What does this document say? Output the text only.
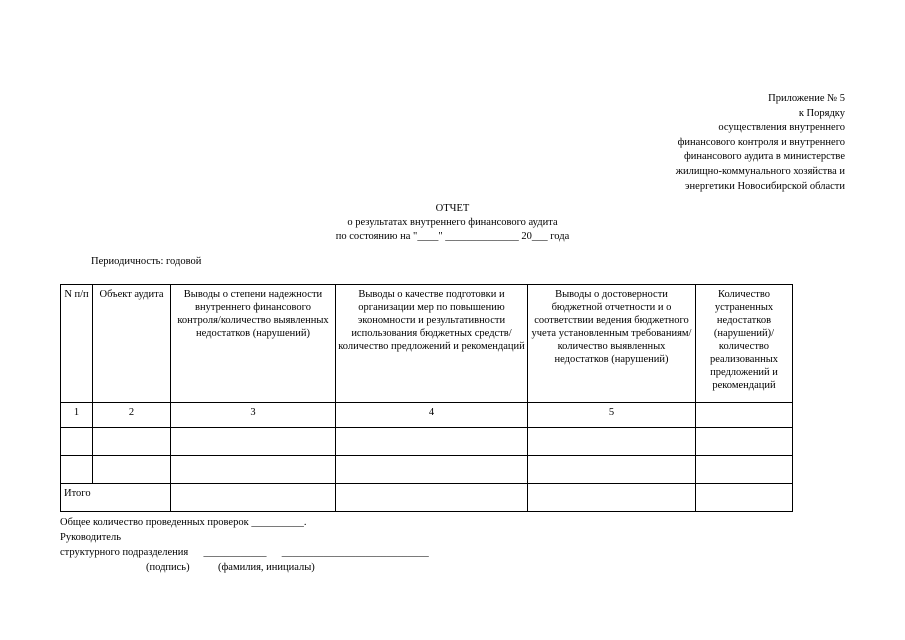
Приложение № 5
к Порядку
осуществления внутреннего
финансового контроля и внутреннего
финансового аудита в министерстве
жилищно-коммунального хозяйства и
энергетики Новосибирской области
ОТЧЕТ
о результатах внутреннего финансового аудита
по состоянию на "____" ______________ 20___ года
Периодичность: годовой
N п/п	Объект аудита	Выводы о степени надежности внутреннего финансового контроля/количество выявленных недостатков (нарушений)	Выводы о качестве подготовки и организации мер по повышению экономности и результативности использования бюджетных средств/количество предложений и рекомендаций	Выводы о достоверности бюджетной отчетности и о соответствии ведения бюджетного учета установленным требованиям/количество выявленных недостатков (нарушений)	Количество устраненных недостатков (нарушений)/количество реализованных предложений и рекомендаций
1	2	3	4	5	

Итого					
Общее количество проведенных проверок __________.
Руководитель
структурного подразделения ____________ ____________________________
(подпись)	(фамилия, инициалы)
